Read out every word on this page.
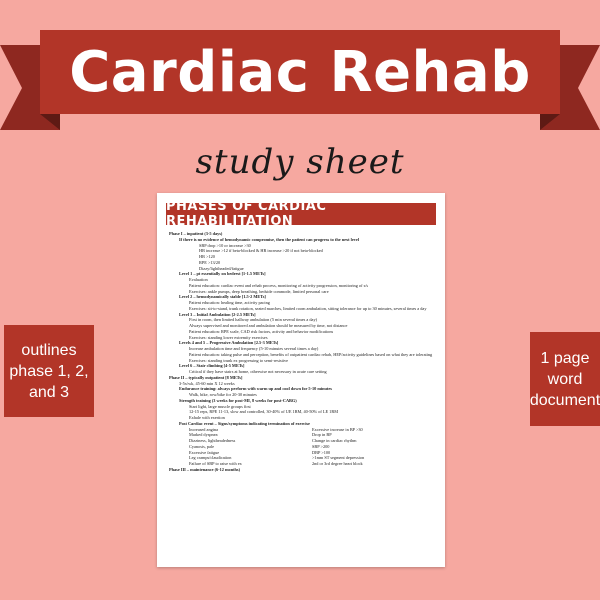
Cardiac Rehab
study sheet
outlines phase 1, 2, and 3
1 page word document
PHASES OF CARDIAC REHABILITATION
Phase I – inpatient (3-5 days)
If there is no evidence of hemodynamic compromise, then the patient can progress to the next level
SBP drop >10 or increase >30
HR increase >12 if beta-blocked & HR increase >20 if not beta-blocked
HR >120
RPE >13/20
Dizzy/lightheaded/fatigue
Level 1 – pt essentially on bedrest [1-1.5 METs]
Evaluation
Patient education: cardiac event and rehab process, monitoring of activity progression, monitoring of s/s
Exercises: ankle pumps, deep breathing, bedside commode, limited personal care
Level 2 – hemodynamically stable [1.5-2 METs]
Patient education: healing time, activity pacing
Exercises: sit-to-stand, trunk rotation, seated marches, limited room ambulation, sitting tolerance for up to 30 minutes, several times a day
Level 3 – Initial Ambulation [2-2.5 METs]
First in room, then limited hallway ambulation (5 min several times a day)
Always supervised and monitored and ambulation should be measured by time, not distance
Patient education: RPE scale, CAD risk factors, activity and behavior modifications
Exercises: standing lower extremity exercises
Levels 4 and 5 – Progressive Ambulation [2.5-3 METs]
Increase ambulation time and frequency (5-10 minutes several times a day)
Patient education: taking pulse and perception, benefits of outpatient cardiac rehab, HEP/activity guidelines based on what they are tolerating
Exercises: standing trunk ex progressing to semi-resistive
Level 6 – Stair climbing [4-5 METs]
Critical if they have stairs at home, otherwise not necessary in acute care setting
Phase II – typically outpatient [8 METs]
3-5x/wk, 45-60 min X 12 weeks
Endurance training: always perform with warm up and cool down for 5-10 minutes
Walk, bike, row/bike for 20-30 minutes
Strength training (3 weeks for post-MI, 8 weeks for post-CABG)
Start light, large muscle groups first
12-15 reps, RPE 11-13, slow and controlled, 30-40% of UE 1RM, 40-50% of LE 1RM
Exhale with exertion
Post Cardiac event – Signs/symptoms indicating termination of exercise
Increased angina
Marked dyspnea
Dizziness, lightheadedness
Cyanosis, pale
Excessive fatigue
Leg cramps/claudication
Failure of SBP to raise with ex
Excessive increase in BP >30
Drop in BP
Change in cardiac rhythm
SBP >200
DBP >100
>1mm ST segment depression
2nd or 3rd degree heart block
Phase III – maintenance (6-12 months)
